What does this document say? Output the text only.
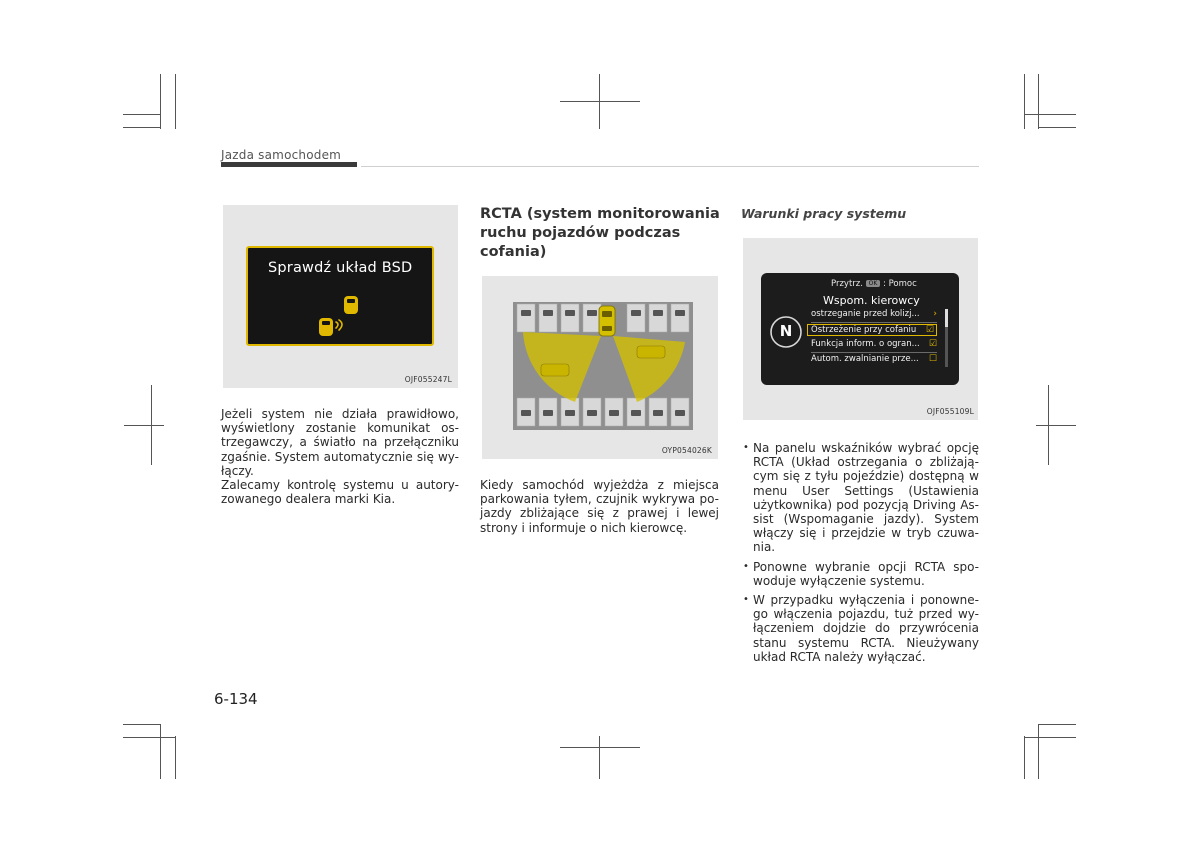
Jazda samochodem
Sprawdź układ BSD
OJF055247L

Jeżeli system nie działa prawidłowo,

wyświetlony zostanie komunikat os-

trzegawczy, a światło na przełączniku

zgaśnie. System automatycznie się wy-

łączy.

Zalecamy kontrolę systemu u autory-

zowanego dealera marki Kia.

RCTA (system monitorowania
ruchu pojazdów podczas
cofania)
OYP054026K

Kiedy samochód wyjeżdża z miejsca

parkowania tyłem, czujnik wykrywa po-

jazdy zbliżające się z prawej i lewej

strony i informuje o nich kierowcę.

Warunki pracy systemu
Przytrz. OK : Pomoc
Wspom. kierowcy
N
ostrzeganie przed kolizj... ›
Ostrzeżenie przy cofaniu ☑
Funkcja inform. o ogran... ☑
Autom. zwalnianie prze... ☐
OJF055109L
• Na panelu wskaźników wybrać opcję
RCTA (Układ ostrzegania o zbliżają-
cym się z tyłu pojeździe) dostępną w
menu User Settings (Ustawienia
użytkownika) pod pozycją Driving As-
sist (Wspomaganie jazdy). System
włączy się i przejdzie w tryb czuwa-
nia.
• Ponowne wybranie opcji RCTA spo-
woduje wyłączenie systemu.
• W przypadku wyłączenia i ponowne-
go włączenia pojazdu, tuż przed wy-
łączeniem dojdzie do przywrócenia
stanu systemu RCTA. Nieużywany
układ RCTA należy wyłączać.
6-134
